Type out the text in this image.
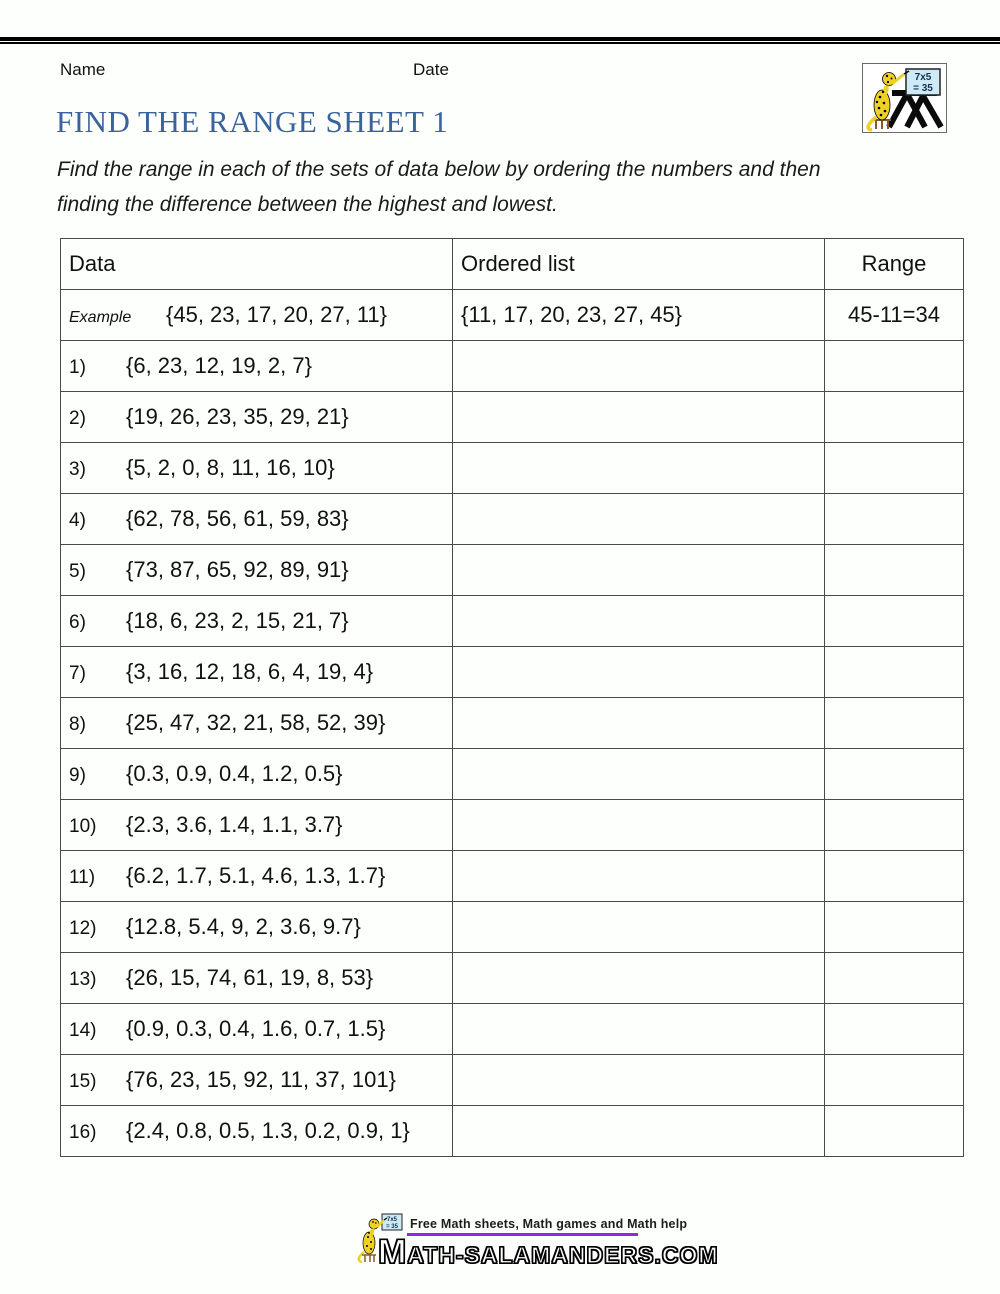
Name	Date	7x5
= 35
FIND THE RANGE SHEET 1
Find the range in each of the sets of data below by ordering the numbers and then
finding the difference between the highest and lowest.
Data	Ordered list	Range
Example {45, 23, 17, 20, 27, 11}	{11, 17, 20, 23, 27, 45}	45-11=34
1) {6, 23, 12, 19, 2, 7}		
2) {19, 26, 23, 35, 29, 21}		
3) {5, 2, 0, 8, 11, 16, 10}		
4) {62, 78, 56, 61, 59, 83}		
5) {73, 87, 65, 92, 89, 91}		
6) {18, 6, 23, 2, 15, 21, 7}		
7) {3, 16, 12, 18, 6, 4, 19, 4}		
8) {25, 47, 32, 21, 58, 52, 39}		
9) {0.3, 0.9, 0.4, 1.2, 0.5}		
10) {2.3, 3.6, 1.4, 1.1, 3.7}		
11) {6.2, 1.7, 5.1, 4.6, 1.3, 1.7}		
12) {12.8, 5.4, 9, 2, 3.6, 9.7}		
13) {26, 15, 74, 61, 19, 8, 53}		
14) {0.9, 0.3, 0.4, 1.6, 0.7, 1.5}		
15) {76, 23, 15, 92, 11, 37, 101}		
16) {2.4, 0.8, 0.5, 1.3, 0.2, 0.9, 1}		
7x5
= 35 Free Math sheets, Math games and Math help
MATH-SALAMANDERS.COM
